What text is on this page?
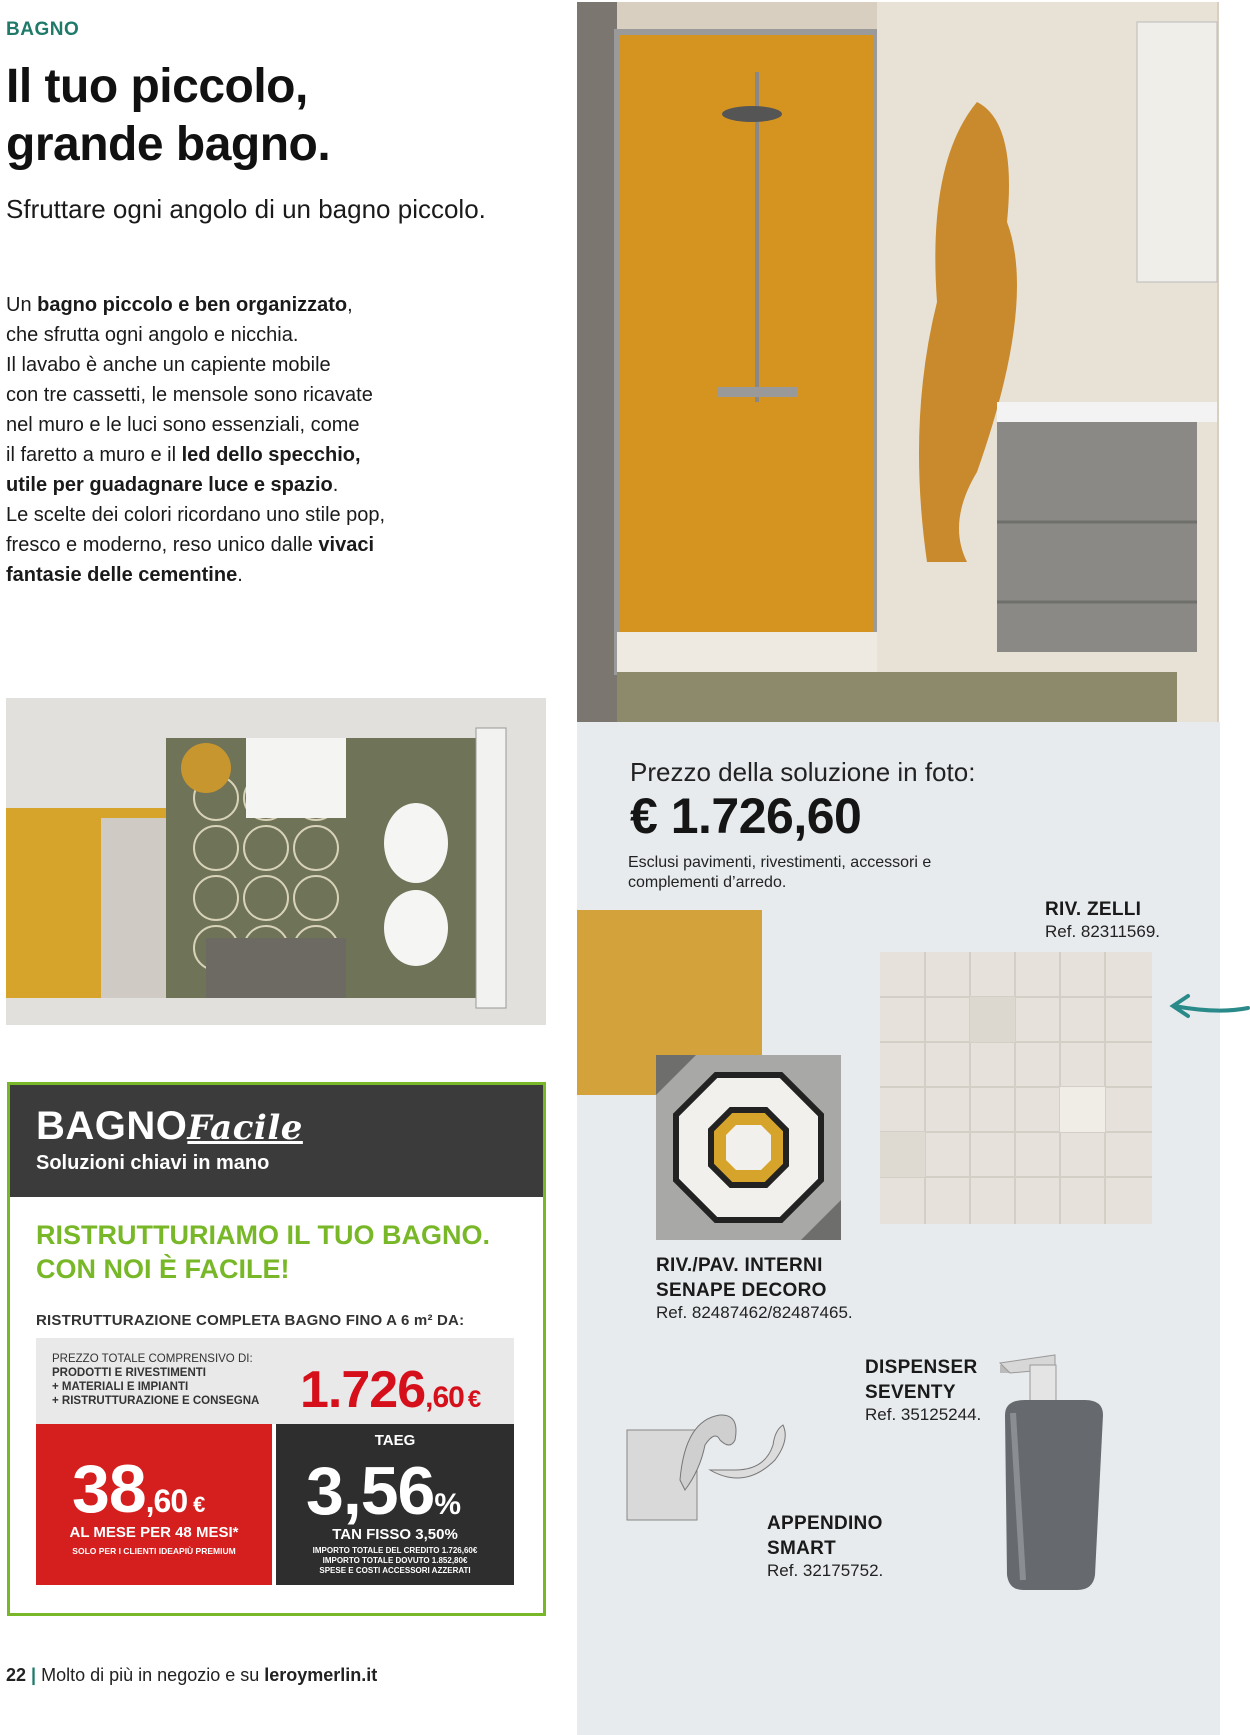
BAGNO
Il tuo piccolo,
grande bagno.
Sfruttare ogni angolo di un bagno piccolo.
Un bagno piccolo e ben organizzato,
che sfrutta ogni angolo e nicchia.
Il lavabo è anche un capiente mobile
con tre cassetti, le mensole sono ricavate
nel muro e le luci sono essenziali, come
il faretto a muro e il led dello specchio,
utile per guadagnare luce e spazio.
Le scelte dei colori ricordano uno stile pop,
fresco e moderno, reso unico dalle vivaci
fantasie delle cementine.
Prezzo della soluzione in foto:
€ 1.726,60
Esclusi pavimenti, rivestimenti, accessori e complementi d’arredo.
RIV. ZELLI
Ref. 82311569.
RIV./PAV. INTERNI
SENAPE DECORO
Ref. 82487462/82487465.
DISPENSER
SEVENTY
Ref. 35125244.
APPENDINO
SMART
Ref. 32175752.
BAGNOFacile
Soluzioni chiavi in mano
RISTRUTTURIAMO IL TUO BAGNO.
CON NOI È FACILE!
RISTRUTTURAZIONE COMPLETA BAGNO FINO A 6 m² DA:
PREZZO TOTALE COMPRENSIVO DI:
PRODOTTI E RIVESTIMENTI
+ MATERIALI E IMPIANTI
+ RISTRUTTURAZIONE E CONSEGNA 1.726,60 €
38,60 €
AL MESE PER 48 MESI*
SOLO PER I CLIENTI IDEAPIÙ PREMIUM
TAEG
3,56%
TAN FISSO 3,50%
IMPORTO TOTALE DEL CREDITO 1.726,60€
IMPORTO TOTALE DOVUTO 1.852,80€
SPESE E COSTI ACCESSORI AZZERATI
22 | Molto di più in negozio e su leroymerlin.it
